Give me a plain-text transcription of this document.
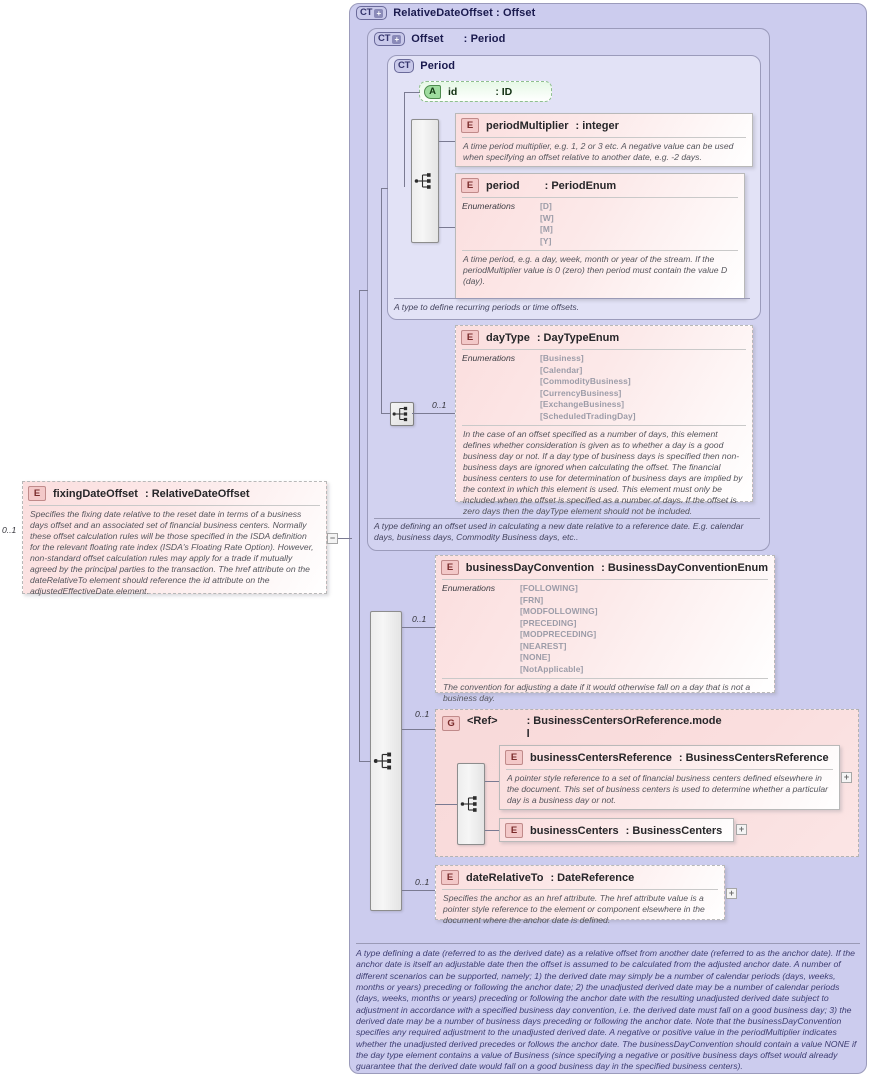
CT + RelativeDateOffset : Offset
CT + Offset : Period
CT Period
A	id	: ID
E	periodMultiplier : integer
A time period multiplier, e.g. 1, 2 or 3 etc. A negative value can be used when specifying an offset relative to another date, e.g. -2 days.
E	period : PeriodEnum
Enumerations	[D]
[W]
[M]
[Y]
A time period, e.g. a day, week, month or year of the stream. If the periodMultiplier value is 0 (zero) then period must contain the value D (day).
A type to define recurring periods or time offsets.
E	dayType : DayTypeEnum
Enumerations	[Business]
[Calendar]
[CommodityBusiness]
[CurrencyBusiness]
[ExchangeBusiness]
[ScheduledTradingDay]
In the case of an offset specified as a number of days, this element defines whether consideration is given as to whether a day is a good business day or not. If a day type of business days is specified then non-business days are ignored when calculating the offset. The financial business centers to use for determination of business days are implied by the context in which this element is used. This element must only be included when the offset is specified as a number of days. If the offset is zero days then the dayType element should not be included.
0..1
A type defining an offset used in calculating a new date relative to a reference date. E.g. calendar days, business days, Commodity Business days, etc..
E	fixingDateOffset : RelativeDateOffset
Specifies the fixing date relative to the reset date in terms of a business days offset and an associated set of financial business centers. Normally these offset calculation rules will be those specified in the ISDA definition for the relevant floating rate index (ISDA's Floating Rate Option). However, non-standard offset calculation rules may apply for a trade if mutually agreed by the principal parties to the transaction. The href attribute on the dateRelativeTo element should reference the id attribute on the adjustedEffectiveDate element.
0..1
−
E	businessDayConvention : BusinessDayConventionEnum
Enumerations	[FOLLOWING]
[FRN]
[MODFOLLOWING]
[PRECEDING]
[MODPRECEDING]
[NEAREST]
[NONE]
[NotApplicable]
The convention for adjusting a date if it would otherwise fall on a day that is not a business day.
0..1
G	<Ref>	: BusinessCentersOrReference.mode
l
0..1
E	businessCentersReference : BusinessCentersReference
A pointer style reference to a set of financial business centers defined elsewhere in the document. This set of business centers is used to determine whether a particular day is a business day or not.
+
E	businessCenters : BusinessCenters	+
E	dateRelativeTo : DateReference
Specifies the anchor as an href attribute. The href attribute value is a pointer style reference to the element or component elsewhere in the document where the anchor date is defined.
0..1
+
A type defining a date (referred to as the derived date) as a relative offset from another date (referred to as the anchor date). If the anchor date is itself an adjustable date then the offset is assumed to be calculated from the adjusted anchor date. A number of different scenarios can be supported, namely; 1) the derived date may simply be a number of calendar periods (days, weeks, months or years) preceding or following the anchor date; 2) the unadjusted derived date may be a number of calendar periods (days, weeks, months or years) preceding or following the anchor date with the resulting unadjusted derived date subject to adjustment in accordance with a specified business day convention, i.e. the derived date must fall on a good business day; 3) the derived date may be a number of business days preceding or following the anchor date. Note that the businessDayConvention specifies any required adjustment to the unadjusted derived date. A negative or positive value in the periodMultiplier indicates whether the unadjusted derived precedes or follows the anchor date. The businessDayConvention should contain a value NONE if the day type element contains a value of Business (since specifying a negative or positive business days offset would already guarantee that the derived date would fall on a good business day in the specified business centers).
